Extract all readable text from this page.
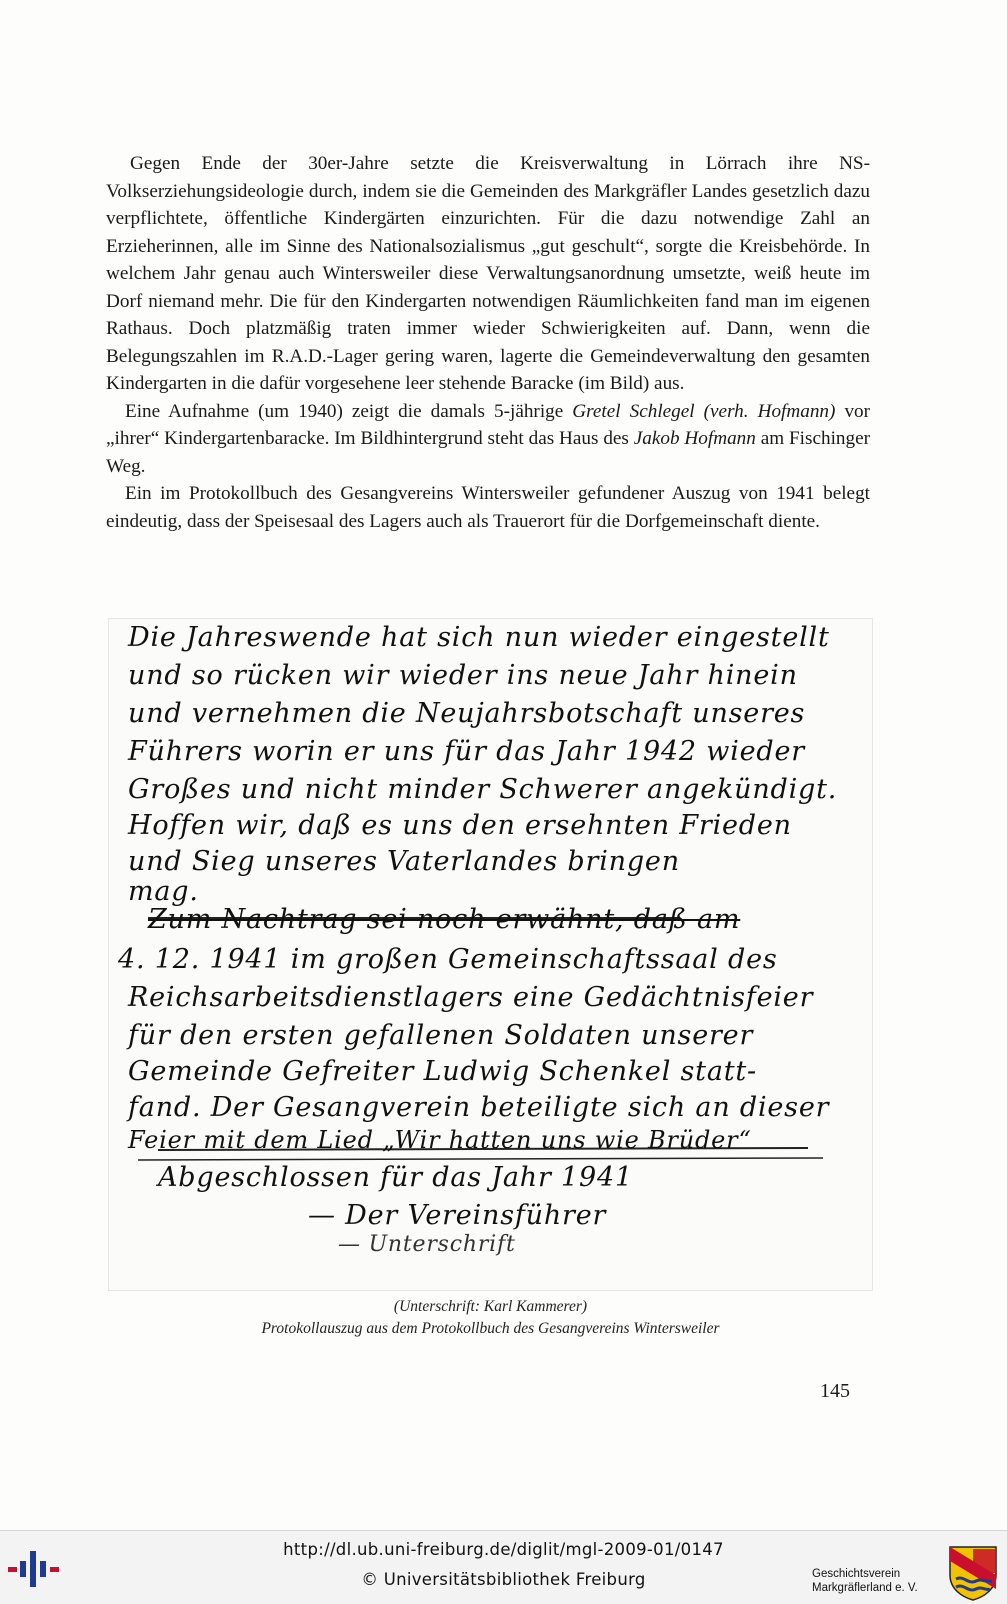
Gegen Ende der 30er-Jahre setzte die Kreisverwaltung in Lörrach ihre NS-Volkserziehungsideologie durch, indem sie die Gemeinden des Markgräfler Landes gesetzlich dazu verpflichtete, öffentliche Kindergärten einzurichten. Für die dazu notwendige Zahl an Erzieherinnen, alle im Sinne des Nationalsozialismus „gut geschult“, sorgte die Kreisbehörde. In welchem Jahr genau auch Wintersweiler diese Verwaltungsanordnung umsetzte, weiß heute im Dorf niemand mehr. Die für den Kindergarten notwendigen Räumlichkeiten fand man im eigenen Rathaus. Doch platzmäßig traten immer wieder Schwierigkeiten auf. Dann, wenn die Belegungszahlen im R.A.D.-Lager gering waren, lagerte die Gemeindeverwaltung den gesamten Kindergarten in die dafür vorgesehene leer stehende Baracke (im Bild) aus.

Eine Aufnahme (um 1940) zeigt die damals 5-jährige Gretel Schlegel (verh. Hofmann) vor „ihrer“ Kindergartenbaracke. Im Bildhintergrund steht das Haus des Jakob Hofmann am Fischinger Weg.

Ein im Protokollbuch des Gesangvereins Wintersweiler gefundener Auszug von 1941 belegt eindeutig, dass der Speisesaal des Lagers auch als Trauerort für die Dorfgemeinschaft diente.

Die Jahreswende hat sich nun wieder eingestellt
und so rücken wir wieder ins neue Jahr hinein
und vernehmen die Neujahrsbotschaft unseres
Führers worin er uns für das Jahr 1942 wieder
Großes und nicht minder Schwerer angekündigt.
Hoffen wir, daß es uns den ersehnten Frieden
und Sieg unseres Vaterlandes bringen
mag.
Zum Nachtrag sei noch erwähnt, daß am
4. 12. 1941 im großen Gemeinschaftssaal des
Reichsarbeitsdienstlagers eine Gedächtnisfeier
für den ersten gefallenen Soldaten unserer
Gemeinde Gefreiter Ludwig Schenkel statt-
fand. Der Gesangverein beteiligte sich an dieser
Feier mit dem Lied „Wir hatten uns wie Brüder“
Abgeschlossen für das Jahr 1941
— Der Vereinsführer
— Unterschrift
(Unterschrift: Karl Kammerer)
Protokollauszug aus dem Protokollbuch des Gesangvereins Wintersweiler
145
http://dl.ub.uni-freiburg.de/diglit/mgl-2009-01/0147
© Universitätsbibliothek Freiburg	Geschichtsverein
Markgräflerland e. V.
